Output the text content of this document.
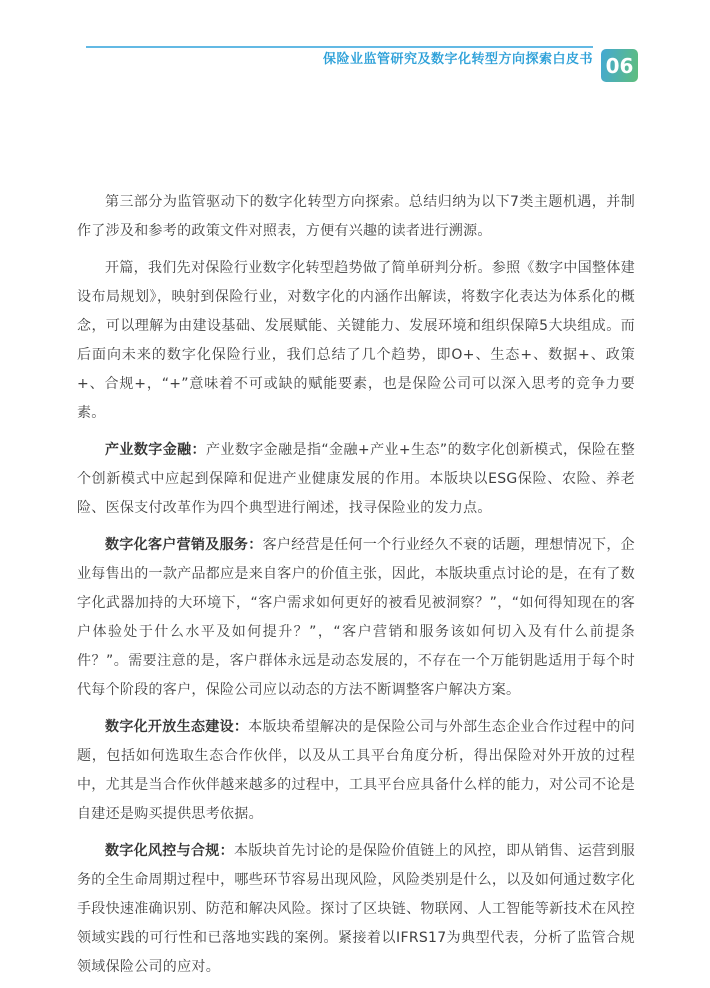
保险业监管研究及数字化转型方向探索白皮书 06

第三部分为监管驱动下的数字化转型方向探索。总结归纳为以下7类主题机遇，并制作了涉及和参考的政策文件对照表，方便有兴趣的读者进行溯源。

开篇，我们先对保险行业数字化转型趋势做了简单研判分析。参照《数字中国整体建设布局规划》，映射到保险行业，对数字化的内涵作出解读，将数字化表达为体系化的概念，可以理解为由建设基础、发展赋能、关键能力、发展环境和组织保障5大块组成。而后面向未来的数字化保险行业，我们总结了几个趋势，即O+、生态+、数据+、政策+、合规+，“+”意味着不可或缺的赋能要素，也是保险公司可以深入思考的竞争力要素。

产业数字金融：产业数字金融是指“金融+产业+生态”的数字化创新模式，保险在整个创新模式中应起到保障和促进产业健康发展的作用。本版块以ESG保险、农险、养老险、医保支付改革作为四个典型进行阐述，找寻保险业的发力点。

数字化客户营销及服务：客户经营是任何一个行业经久不衰的话题，理想情况下，企业每售出的一款产品都应是来自客户的价值主张，因此，本版块重点讨论的是，在有了数字化武器加持的大环境下，“客户需求如何更好的被看见被洞察？”，“如何得知现在的客户体验处于什么水平及如何提升？”，“客户营销和服务该如何切入及有什么前提条件？”。需要注意的是，客户群体永远是动态发展的，不存在一个万能钥匙适用于每个时代每个阶段的客户，保险公司应以动态的方法不断调整客户解决方案。

数字化开放生态建设：本版块希望解决的是保险公司与外部生态企业合作过程中的问题，包括如何选取生态合作伙伴，以及从工具平台角度分析，得出保险对外开放的过程中，尤其是当合作伙伴越来越多的过程中，工具平台应具备什么样的能力，对公司不论是自建还是购买提供思考依据。

数字化风控与合规：本版块首先讨论的是保险价值链上的风控，即从销售、运营到服务的全生命周期过程中，哪些环节容易出现风险，风险类别是什么，以及如何通过数字化手段快速准确识别、防范和解决风险。探讨了区块链、物联网、人工智能等新技术在风控领域实践的可行性和已落地实践的案例。紧接着以IFRS17为典型代表，分析了监管合规领域保险公司的应对。
